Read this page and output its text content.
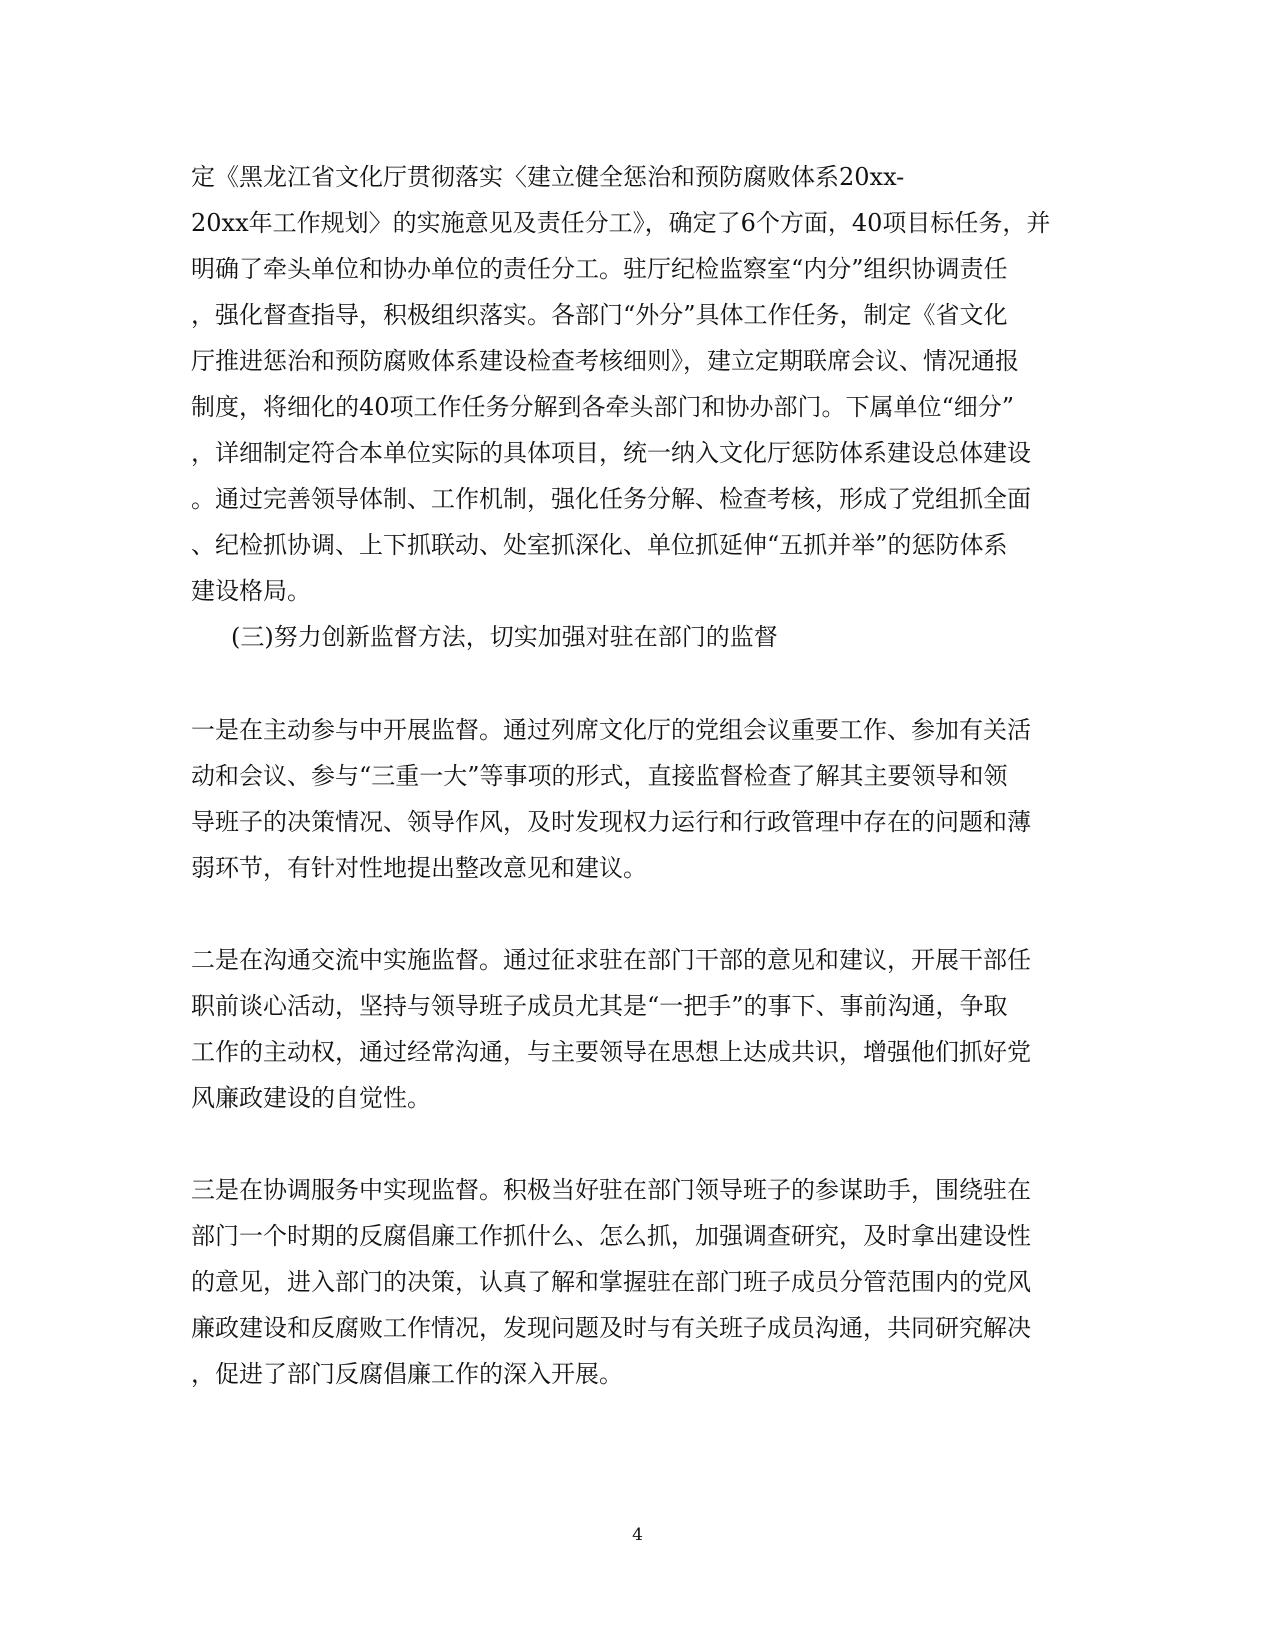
定《黑龙江省文化厅贯彻落实〈建立健全惩治和预防腐败体系20xx-
20xx年工作规划〉的实施意见及责任分工》，确定了6个方面，40项目标任务，并
明确了牵头单位和协办单位的责任分工。驻厅纪检监察室“内分”组织协调责任
，强化督查指导，积极组织落实。各部门“外分”具体工作任务，制定《省文化
厅推进惩治和预防腐败体系建设检查考核细则》，建立定期联席会议、情况通报
制度，将细化的40项工作任务分解到各牵头部门和协办部门。下属单位“细分”
，详细制定符合本单位实际的具体项目，统一纳入文化厅惩防体系建设总体建设
。通过完善领导体制、工作机制，强化任务分解、检查考核，形成了党组抓全面
、纪检抓协调、上下抓联动、处室抓深化、单位抓延伸“五抓并举”的惩防体系
建设格局。
(三)努力创新监督方法，切实加强对驻在部门的监督
一是在主动参与中开展监督。通过列席文化厅的党组会议重要工作、参加有关活
动和会议、参与“三重一大”等事项的形式，直接监督检查了解其主要领导和领
导班子的决策情况、领导作风，及时发现权力运行和行政管理中存在的问题和薄
弱环节，有针对性地提出整改意见和建议。
二是在沟通交流中实施监督。通过征求驻在部门干部的意见和建议，开展干部任
职前谈心活动，坚持与领导班子成员尤其是“一把手”的事下、事前沟通，争取
工作的主动权，通过经常沟通，与主要领导在思想上达成共识，增强他们抓好党
风廉政建设的自觉性。
三是在协调服务中实现监督。积极当好驻在部门领导班子的参谋助手，围绕驻在
部门一个时期的反腐倡廉工作抓什么、怎么抓，加强调查研究，及时拿出建设性
的意见，进入部门的决策，认真了解和掌握驻在部门班子成员分管范围内的党风
廉政建设和反腐败工作情况，发现问题及时与有关班子成员沟通，共同研究解决
，促进了部门反腐倡廉工作的深入开展。
4
